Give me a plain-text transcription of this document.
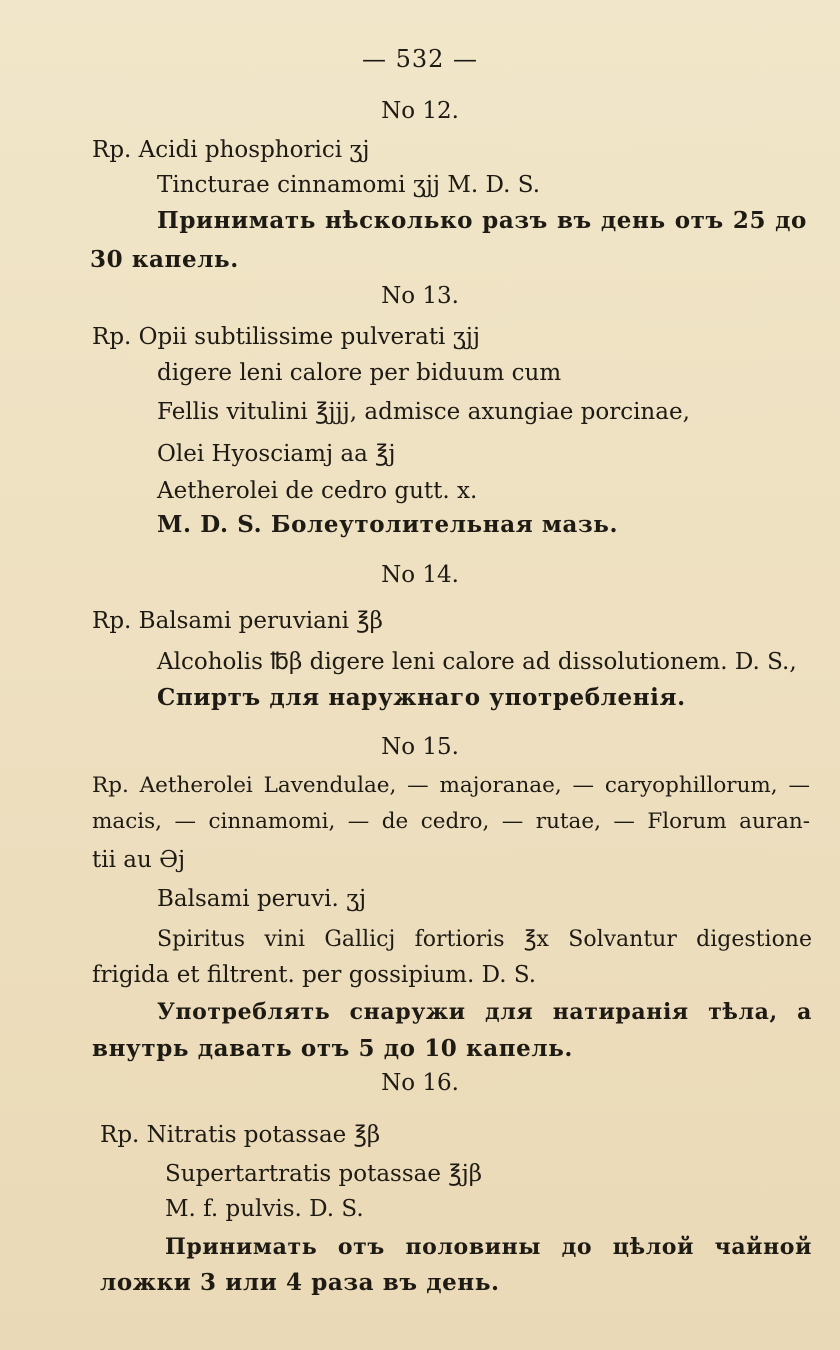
— 532 —
No 12.
Rp. Acidi phosphorici ʒj
Tincturae cinnamomi ʒjj M. D. S.
Принимать нѣсколько разъ въ день отъ 25 до
30 капель.
No 13.
Rp. Opii subtilissime pulverati ʒjj
digere leni calore per biduum cum
Fellis vitulini ℥jjj, admisce axungiae porcinae,
Olei Hyosciamj aa ℥j
Aetherolei de cedro gutt. x.
M. D. S. Болеутолительная мазь.
No 14.
Rp. Balsami peruviani ℥β
Alcoholis ℔β digere leni calore ad dissolutionem. D. S.,
Спиртъ для наружнаго употребленія.
No 15.
Rp. Aetherolei Lavendulae, — majoranae, — caryophillorum, —
macis, — cinnamomi, — de cedro, — rutae, — Florum auran-
tii au Əj
Balsami peruvi. ʒj
Spiritus vini Gallicj fortioris ℥x Solvantur digestione
frigida et filtrent. per gossipium. D. S.
Употреблять снаружи для натиранія тѣла, а
внутрь давать отъ 5 до 10 капель.
No 16.
Rp. Nitratis potassae ℥β
Supertartratis potassae ℥jβ
M. f. pulvis. D. S.
Принимать отъ половины до цѣлой чайной
ложки 3 или 4 раза въ день.
